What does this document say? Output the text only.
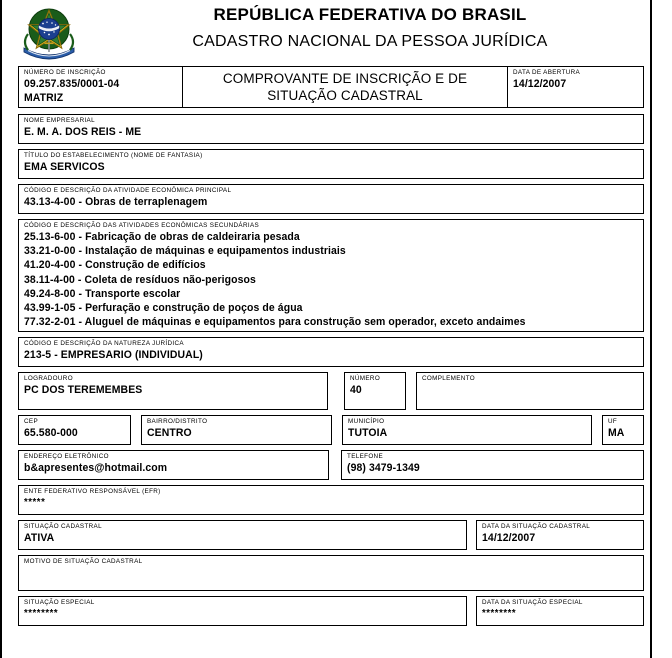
REPÚBLICA FEDERATIVA DO BRASIL
CADASTRO NACIONAL DA PESSOA JURÍDICA
NÚMERO DE INSCRIÇÃO
09.257.835/0001-04
MATRIZ
COMPROVANTE DE INSCRIÇÃO E DE SITUAÇÃO CADASTRAL
DATA DE ABERTURA
14/12/2007
NOME EMPRESARIAL
E. M. A. DOS REIS - ME
TÍTULO DO ESTABELECIMENTO (NOME DE FANTASIA)
EMA SERVICOS
CÓDIGO E DESCRIÇÃO DA ATIVIDADE ECONÔMICA PRINCIPAL
43.13-4-00 - Obras de terraplenagem
CÓDIGO E DESCRIÇÃO DAS ATIVIDADES ECONÔMICAS SECUNDÁRIAS
25.13-6-00 - Fabricação de obras de caldeiraria pesada
33.21-0-00 - Instalação de máquinas e equipamentos industriais
41.20-4-00 - Construção de edifícios
38.11-4-00 - Coleta de resíduos não-perigosos
49.24-8-00 - Transporte escolar
43.99-1-05 - Perfuração e construção de poços de água
77.32-2-01 - Aluguel de máquinas e equipamentos para construção sem operador, exceto andaimes
CÓDIGO E DESCRIÇÃO DA NATUREZA JURÍDICA
213-5 - EMPRESARIO (INDIVIDUAL)
LOGRADOURO
PC DOS TEREMEMBES
NÚMERO
40
COMPLEMENTO
CEP
65.580-000
BAIRRO/DISTRITO
CENTRO
MUNICÍPIO
TUTOIA
UF
MA
ENDEREÇO ELETRÔNICO
b&apresentes@hotmail.com
TELEFONE
(98) 3479-1349
ENTE FEDERATIVO RESPONSÁVEL (EFR)
*****
SITUAÇÃO CADASTRAL
ATIVA
DATA DA SITUAÇÃO CADASTRAL
14/12/2007
MOTIVO DE SITUAÇÃO CADASTRAL
SITUAÇÃO ESPECIAL
********
DATA DA SITUAÇÃO ESPECIAL
********
